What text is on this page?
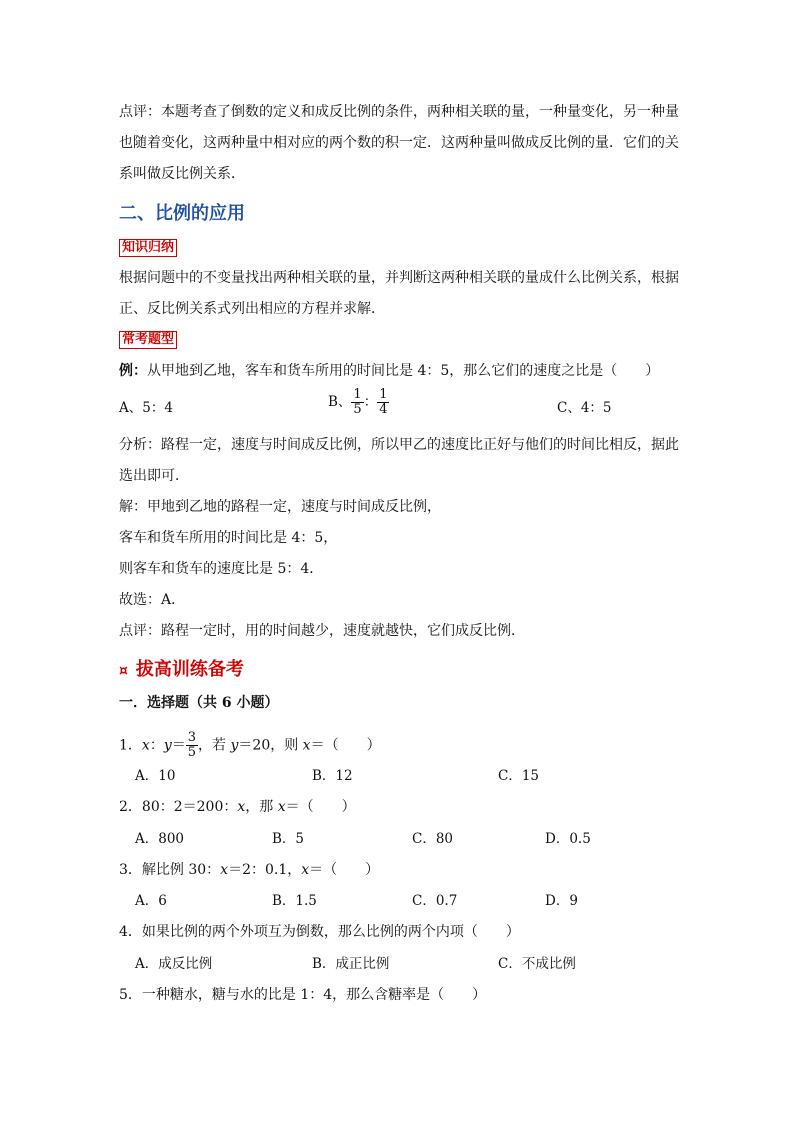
点评：本题考查了倒数的定义和成反比例的条件，两种相关联的量，一种量变化，另一种量
也随着变化，这两种量中相对应的两个数的积一定．这两种量叫做成反比例的量．它们的关
系叫做反比例关系．
二、比例的应用
知识归纳
根据问题中的不变量找出两种相关联的量，并判断这两种相关联的量成什么比例关系，根据
正、反比例关系式列出相应的方程并求解．
常考题型
例：从甲地到乙地，客车和货车所用的时间比是 4：5，那么它们的速度之比是（　　）
A、5：4	B、 $\frac{1}{5}$ ： $\frac{1}{4}$	C、4：5
分析：路程一定，速度与时间成反比例，所以甲乙的速度比正好与他们的时间比相反，据此
选出即可．
解：甲地到乙地的路程一定，速度与时间成反比例，
客车和货车所用的时间比是 4：5，
则客车和货车的速度比是 5：4．
故选：A．
点评：路程一定时，用的时间越少，速度就越快，它们成反比例．
¤ 拔高训练备考
一．选择题（共 6 小题）
1．x：$y= \frac{3}{5}$ ，若 y＝20，则 x＝（　　）
A．10	B．12	C．15
2．80：2＝200：x，那 x＝（　　）
A．800	B．5	C．80	D．0.5
3．解比例 30：x＝2：0.1，x＝（　　）
A．6	B．1.5	C．0.7	D．9
4．如果比例的两个外项互为倒数，那么比例的两个内项（　　）
A．成反比例	B．成正比例	C．不成比例
5．一种糖水，糖与水的比是 1：4，那么含糖率是（　　）
